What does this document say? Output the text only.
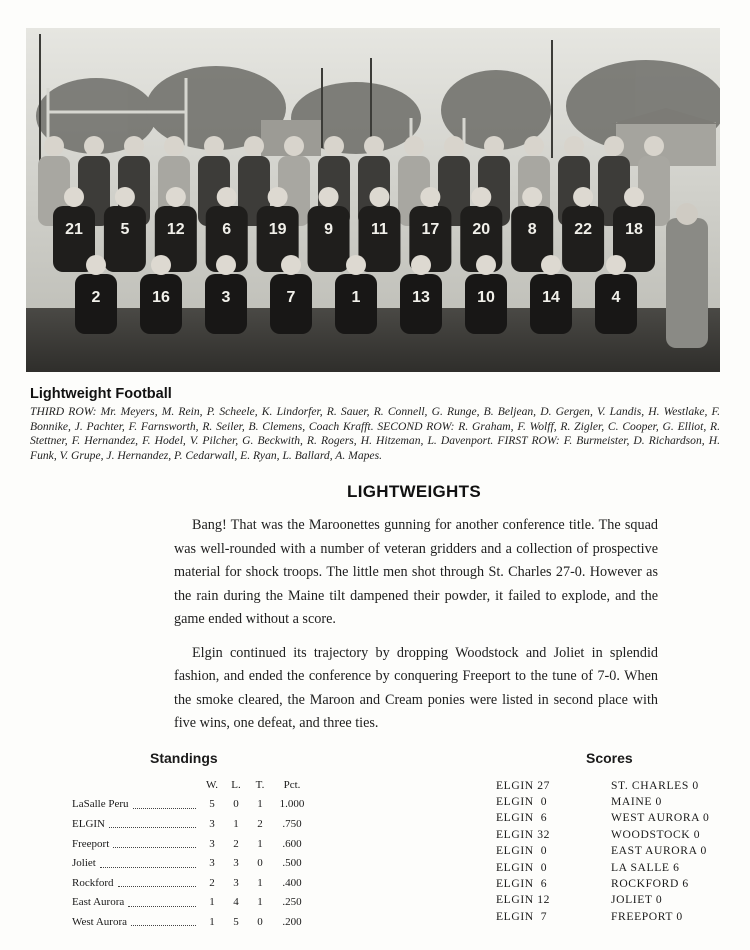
21 5 12 6 19 9 11 17 20 8 22 18
2	16	3	7	1	13	10	14	4
Lightweight Football
THIRD ROW: Mr. Meyers, M. Rein, P. Scheele, K. Lindorfer, R. Sauer, R. Connell, G. Runge, B. Beljean, D. Gergen, V. Landis, H. Westlake, F. Bonnike, J. Pachter, F. Farnsworth, R. Seiler, B. Clemens, Coach Krafft. SECOND ROW: R. Graham, F. Wolff, R. Zigler, C. Cooper, G. Elliot, R. Stettner, F. Hernandez, F. Hodel, V. Pilcher, G. Beckwith, R. Rogers, H. Hitzeman, L. Davenport. FIRST ROW: F. Burmeister, D. Richardson, H. Funk, V. Grupe, J. Hernandez, P. Cedarwall, E. Ryan, L. Ballard, A. Mapes.
LIGHTWEIGHTS

Bang! That was the Maroonettes gunning for another conference title. The squad was well-rounded with a number of veteran gridders and a collection of prospective material for shock troops. The little men shot through St. Charles 27-0. However as the rain during the Maine tilt dampened their powder, it failed to explode, and the game ended without a score.

Elgin continued its trajectory by dropping Woodstock and Joliet in splendid fashion, and ended the conference by conquering Freeport to the tune of 7-0. When the smoke cleared, the Maroon and Cream ponies were listed in second place with five wins, one defeat, and three ties.

Standings
W.	L.	T.	Pct.
LaSalle Peru	5	0	1	1.000
ELGIN	3	1	2	.750
Freeport	3	2	1	.600
Joliet	3	3	0	.500
Rockford	2	3	1	.400
East Aurora	1	4	1	.250
West Aurora	1	5	0	.200
Scores
ELGIN 27	ST. CHARLES 0
ELGIN  0	MAINE 0
ELGIN  6	WEST AURORA 0
ELGIN 32	WOODSTOCK 0
ELGIN  0	EAST AURORA 0
ELGIN  0	LA SALLE 6
ELGIN  6	ROCKFORD 6
ELGIN 12	JOLIET 0
ELGIN  7	FREEPORT 0
